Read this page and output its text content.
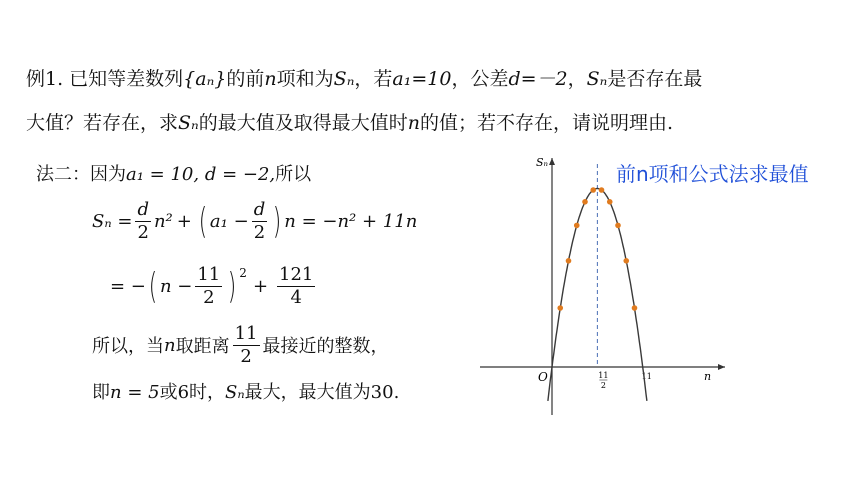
例1. 已知等差数列{aₙ}的前n项和为Sₙ，若a₁=10，公差d=－2，Sₙ是否存在最
大值？若存在，求Sₙ的最大值及取得最大值时n的值；若不存在，请说明理由.
法二：因为a₁ = 10, d = −2,所以
$S_n = \frac{d}{2} n^2$ + ( $a_1 - \frac{d}{2}$ ) n = −n² + 11n
= − ( $n - \frac{11}{2}$ ) 2
+ $\frac{121}{4}$
所以，当 n 取距离 $\frac{11}{2}$ 最接近的整数，
即n = 5或6时，Sₙ最大，最大值为30.
前n项和公式法求最值
Sₙ
n
O	11
2
11
